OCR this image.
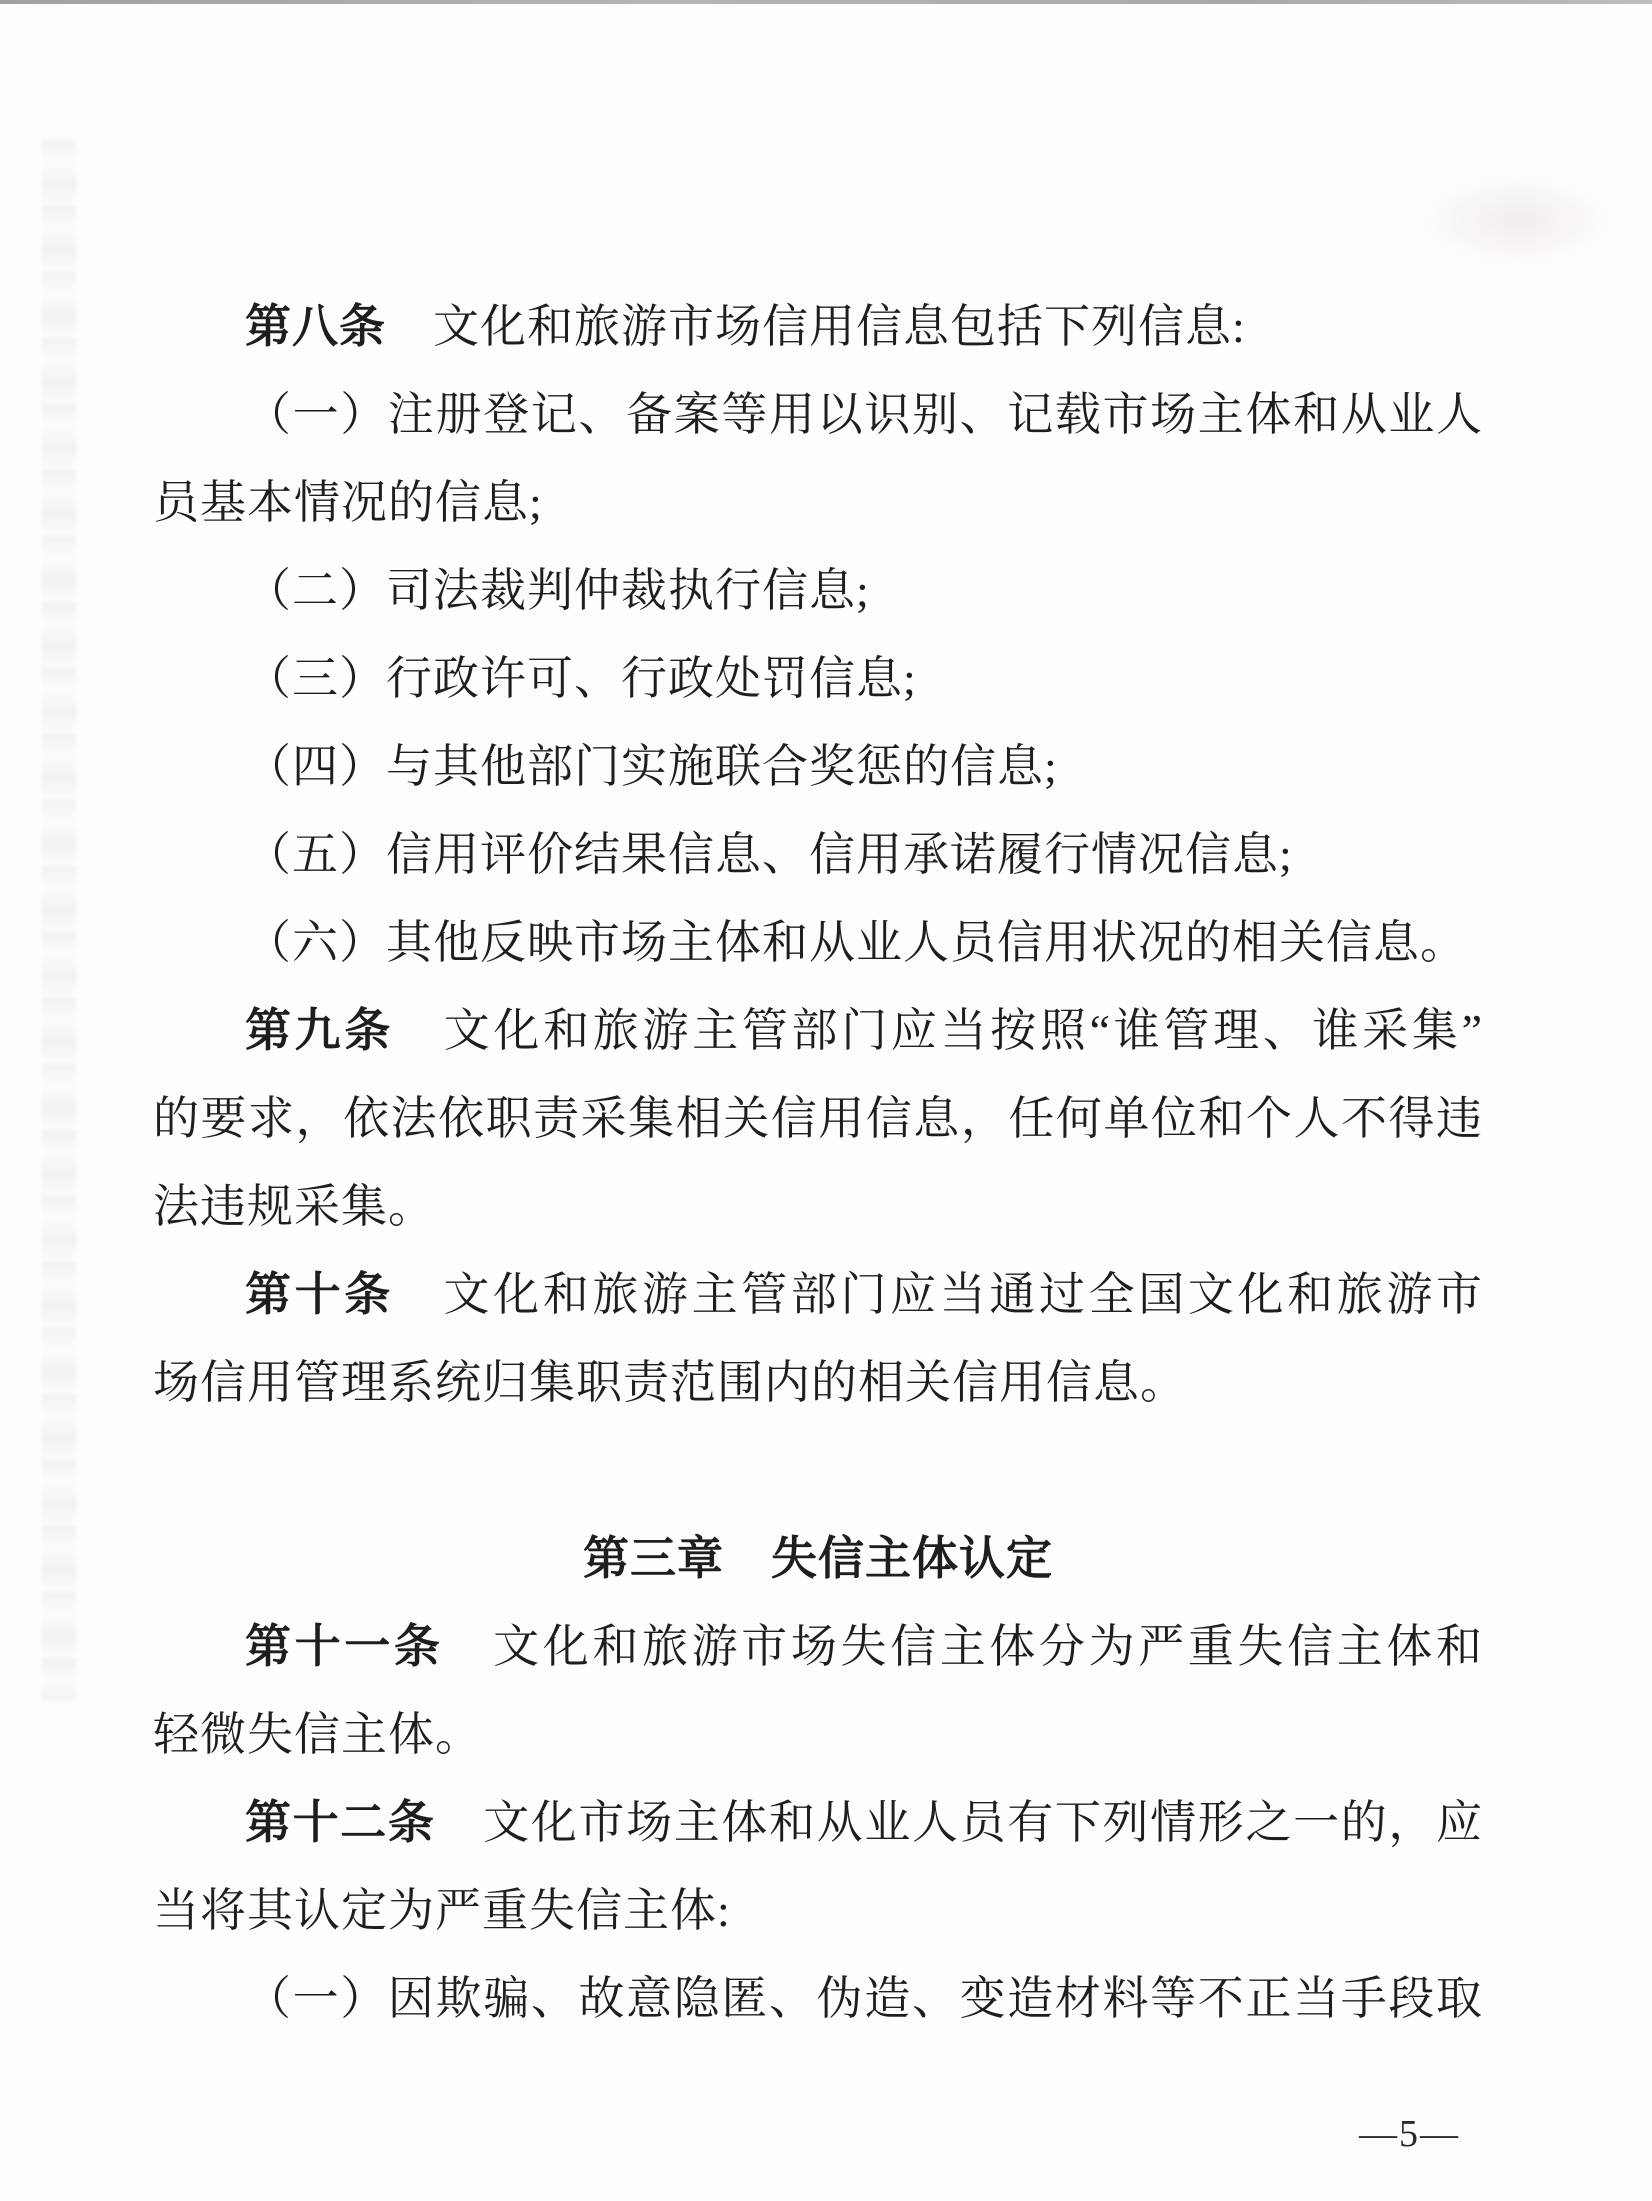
第八条　文化和旅游市场信用信息包括下列信息:
（一）注册登记、备案等用以识别、记载市场主体和从业人
员基本情况的信息;
（二）司法裁判仲裁执行信息;
（三）行政许可、行政处罚信息;
（四）与其他部门实施联合奖惩的信息;
（五）信用评价结果信息、信用承诺履行情况信息;
（六）其他反映市场主体和从业人员信用状况的相关信息。
第九条　文化和旅游主管部门应当按照“谁管理、谁采集”
的要求，依法依职责采集相关信用信息，任何单位和个人不得违
法违规采集。
第十条　文化和旅游主管部门应当通过全国文化和旅游市
场信用管理系统归集职责范围内的相关信用信息。
第三章　失信主体认定
第十一条　文化和旅游市场失信主体分为严重失信主体和
轻微失信主体。
第十二条　文化市场主体和从业人员有下列情形之一的，应
当将其认定为严重失信主体:
（一）因欺骗、故意隐匿、伪造、变造材料等不正当手段取
—5—
